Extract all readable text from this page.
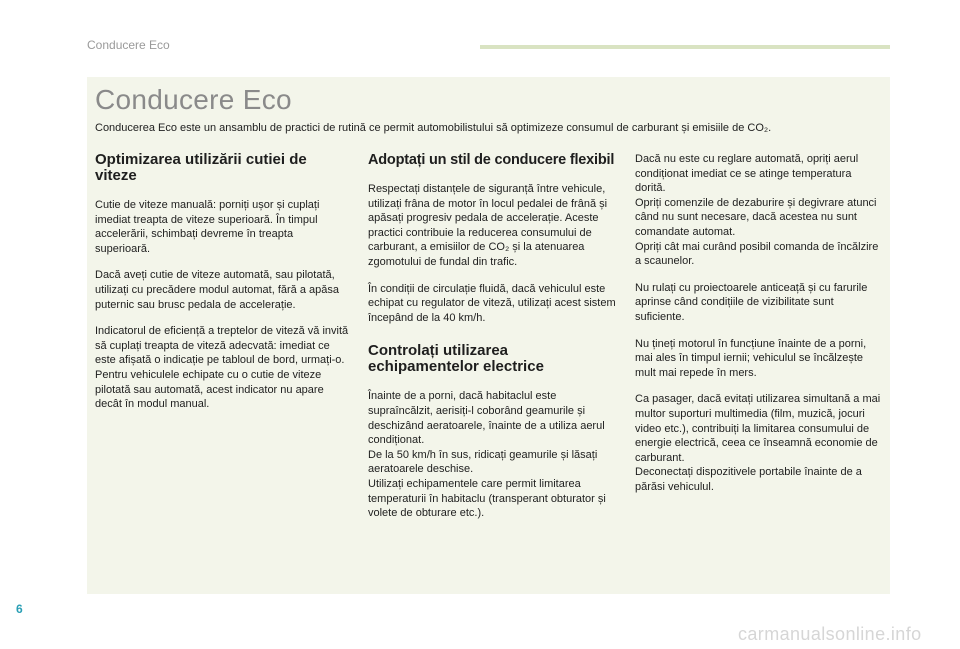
Conducere Eco
Conducere Eco
Conducerea Eco este un ansamblu de practici de rutină ce permit automobilistului să optimizeze consumul de carburant și emisiile de CO₂.
Optimizarea utilizării cutiei de viteze
Cutie de viteze manuală: porniți ușor și cuplați imediat treapta de viteze superioară. În timpul accelerării, schimbați devreme în treapta superioară.
Dacă aveți cutie de viteze automată, sau pilotată, utilizați cu precădere modul automat, fără a apăsa puternic sau brusc pedala de accelerație.
Indicatorul de eficiență a treptelor de viteză vă invită să cuplați treapta de viteză adecvată: imediat ce este afișată o indicație pe tabloul de bord, urmați-o.
Pentru vehiculele echipate cu o cutie de viteze pilotată sau automată, acest indicator nu apare decât în modul manual.
Adoptați un stil de conducere flexibil
Respectați distanțele de siguranță între vehicule, utilizați frâna de motor în locul pedalei de frână și apăsați progresiv pedala de accelerație. Aceste practici contribuie la reducerea consumului de carburant, a emisiilor de CO₂ și la atenuarea zgomotului de fundal din trafic.
În condiții de circulație fluidă, dacă vehiculul este echipat cu regulator de viteză, utilizați acest sistem începând de la 40 km/h.
Controlați utilizarea echipamentelor electrice
Înainte de a porni, dacă habitaclul este supraîncălzit, aerisiți-l coborând geamurile și deschizând aeratoarele, înainte de a utiliza aerul condiționat.
De la 50 km/h în sus, ridicați geamurile și lăsați aeratoarele deschise.
Utilizați echipamentele care permit limitarea temperaturii în habitaclu (transperant obturator și volete de obturare etc.).
Dacă nu este cu reglare automată, opriți aerul condiționat imediat ce se atinge temperatura dorită.
Opriți comenzile de dezaburire și degivrare atunci când nu sunt necesare, dacă acestea nu sunt comandate automat.
Opriți cât mai curând posibil comanda de încălzire a scaunelor.
Nu rulați cu proiectoarele anticeață și cu farurile aprinse când condițiile de vizibilitate sunt suficiente.
Nu țineți motorul în funcțiune înainte de a porni, mai ales în timpul iernii; vehiculul se încălzește mult mai repede în mers.
Ca pasager, dacă evitați utilizarea simultană a mai multor suporturi multimedia (film, muzică, jocuri video etc.), contribuiți la limitarea consumului de energie electrică, ceea ce înseamnă economie de carburant.
Deconectați dispozitivele portabile înainte de a părăsi vehiculul.
6
carmanualsonline.info
